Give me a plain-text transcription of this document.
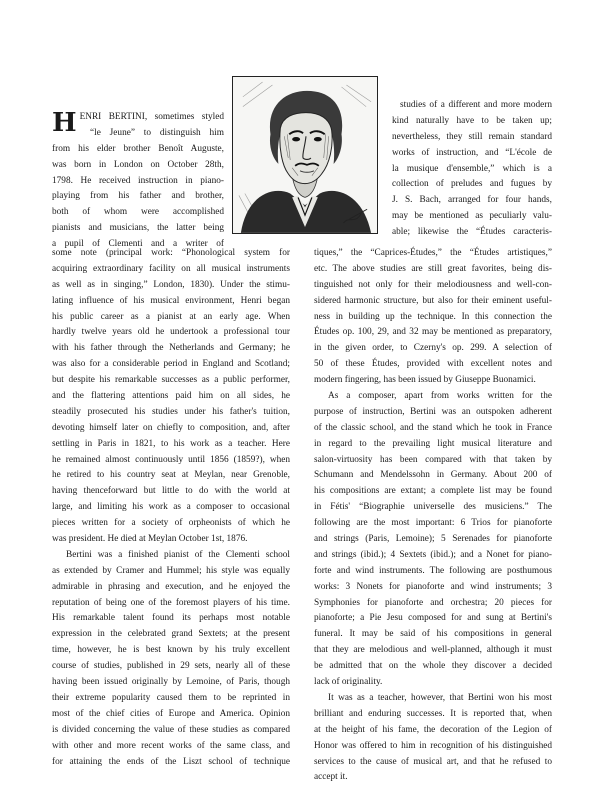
H ENRI BERTINI, sometimes styled
“le Jeune” to distinguish him
from his elder brother Benoît Auguste,
was born in London on October 28th,
1798. He received instruction in piano-
playing from his father and brother,
both of whom were accomplished
pianists and musicians, the latter being
a pupil of Clementi and a writer of
studies of a different and more modern
kind naturally have to be taken up;
nevertheless, they still remain standard
works of instruction, and “L'école de
la musique d'ensemble,” which is a
collection of preludes and fugues by
J. S. Bach, arranged for four hands,
may be mentioned as peculiarly valu-
able; likewise the “Études caracteris-
some note (principal work: “Phonological system for
acquiring extraordinary facility on all musical instruments
as well as in singing,” London, 1830). Under the stimu-
lating influence of his musical environment, Henri began
his public career as a pianist at an early age. When
hardly twelve years old he undertook a professional tour
with his father through the Netherlands and Germany; he
was also for a considerable period in England and Scotland;
but despite his remarkable successes as a public performer,
and the flattering attentions paid him on all sides, he
steadily prosecuted his studies under his father's tuition,
devoting himself later on chiefly to composition, and, after
settling in Paris in 1821, to his work as a teacher. Here
he remained almost continuously until 1856 (1859?), when
he retired to his country seat at Meylan, near Grenoble,
having thenceforward but little to do with the world at
large, and limiting his work as a composer to occasional
pieces written for a society of orpheonists of which he
was president. He died at Meylan October 1st, 1876.
Bertini was a finished pianist of the Clementi school
as extended by Cramer and Hummel; his style was equally
admirable in phrasing and execution, and he enjoyed the
reputation of being one of the foremost players of his time.
His remarkable talent found its perhaps most notable
expression in the celebrated grand Sextets; at the present
time, however, he is best known by his truly excellent
course of studies, published in 29 sets, nearly all of these
having been issued originally by Lemoine, of Paris, though
their extreme popularity caused them to be reprinted in
most of the chief cities of Europe and America. Opinion
is divided concerning the value of these studies as compared
with other and more recent works of the same class, and
for attaining the ends of the Liszt school of technique
tiques,” the “Caprices-Études,” the “Études artistiques,”
etc. The above studies are still great favorites, being dis-
tinguished not only for their melodiousness and well-con-
sidered harmonic structure, but also for their eminent useful-
ness in building up the technique. In this connection the
Études op. 100, 29, and 32 may be mentioned as preparatory,
in the given order, to Czerny's op. 299. A selection of
50 of these Études, provided with excellent notes and
modern fingering, has been issued by Giuseppe Buonamici.
As a composer, apart from works written for the
purpose of instruction, Bertini was an outspoken adherent
of the classic school, and the stand which he took in France
in regard to the prevailing light musical literature and
salon-virtuosity has been compared with that taken by
Schumann and Mendelssohn in Germany. About 200 of
his compositions are extant; a complete list may be found
in Fétis' “Biographie universelle des musiciens.” The
following are the most important: 6 Trios for pianoforte
and strings (Paris, Lemoine); 5 Serenades for pianoforte
and strings (ibid.); 4 Sextets (ibid.); and a Nonet for piano-
forte and wind instruments. The following are posthumous
works: 3 Nonets for pianoforte and wind instruments; 3
Symphonies for pianoforte and orchestra; 20 pieces for
pianoforte; a Pie Jesu composed for and sung at Bertini's
funeral. It may be said of his compositions in general
that they are melodious and well-planned, although it must
be admitted that on the whole they discover a decided
lack of originality.
It was as a teacher, however, that Bertini won his most
brilliant and enduring successes. It is reported that, when
at the height of his fame, the decoration of the Legion of
Honor was offered to him in recognition of his distinguished
services to the cause of musical art, and that he refused to
accept it.
